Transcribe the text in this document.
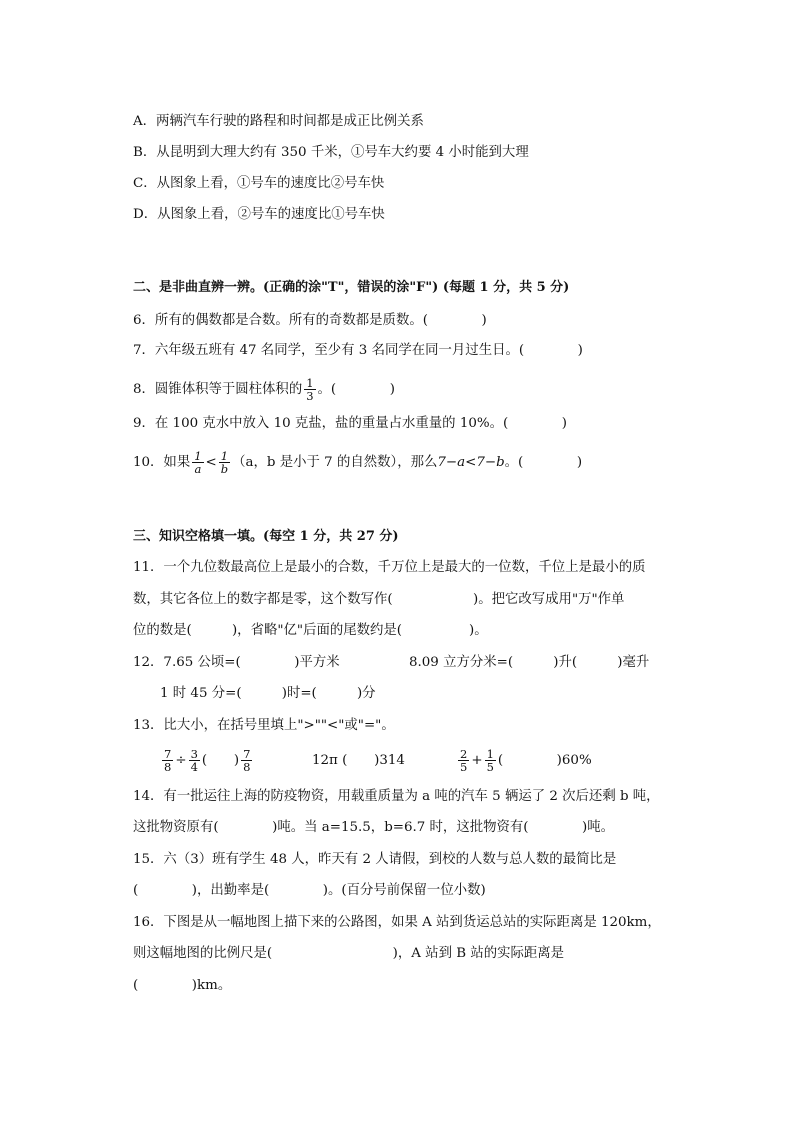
A．两辆汽车行驶的路程和时间都是成正比例关系
B．从昆明到大理大约有 350 千米，①号车大约要 4 小时能到大理
C．从图象上看，①号车的速度比②号车快
D．从图象上看，②号车的速度比①号车快
二、是非曲直辨一辨。(正确的涂"T"，错误的涂"F") (每题 1 分，共 5 分)
6．所有的偶数都是合数。所有的奇数都是质数。(　　　　)
7．六年级五班有 47 名同学，至少有 3 名同学在同一月过生日。(　　　　)
8．圆锥体积等于圆柱体积的 $\frac{1}{3}$ 。(　　　　)
9．在 100 克水中放入 10 克盐，盐的重量占水重量的 10%。(　　　　)
10．如果 $\frac{1}{a} < \frac{1}{b} (a$，b 是小于 7 的自然数），那么7−a<7−b。(　　　　)
三、知识空格填一填。(每空 1 分，共 27 分)
11．一个九位数最高位上是最小的合数，千万位上是最大的一位数，千位上是最小的质
数，其它各位上的数字都是零，这个数写作(　　　　　　)。把它改写成用"万"作单
位的数是(　　　)，省略"亿"后面的尾数约是(　　　　　)。
12．7.65 公顷=(　　　　)平方米	8.09 立方分米=(　　　)升(　　　)毫升
1 时 45 分=(　　　)时=(　　　)分
13．比大小，在括号里填上">""<"或"="。
$\frac{7}{8} \div \frac{3}{4}$ (　　) $\frac{7}{8}$	12π (　　)314	$\frac{2}{5} + \frac{1}{5}$ (　　　　)60%
14．有一批运往上海的防疫物资，用载重质量为 a 吨的汽车 5 辆运了 2 次后还剩 b 吨，
这批物资原有(　　　　)吨。当 a=15.5，b=6.7 时，这批物资有(　　　　)吨。
15．六（3）班有学生 48 人，昨天有 2 人请假，到校的人数与总人数的最简比是
(　　　　)，出勤率是(　　　　)。(百分号前保留一位小数)
16．下图是从一幅地图上描下来的公路图，如果 A 站到货运总站的实际距离是 120km，
则这幅地图的比例尺是(　　　　　　　　　)，A 站到 B 站的实际距离是
(　　　　)km。
